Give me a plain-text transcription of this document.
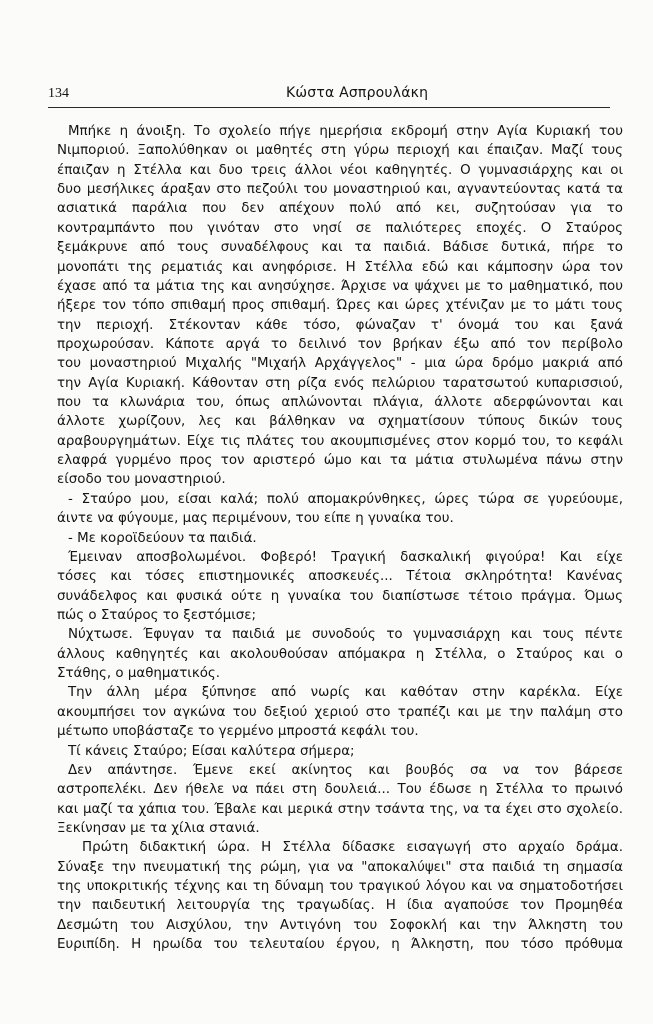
134	Κώστα Ασπρουλάκη
Μπήκε η άνοιξη. Το σχολείο πήγε ημερήσια εκδρομή στην Αγία Κυριακή του
Νιμποριού. Ξαπολύθηκαν οι μαθητές στη γύρω περιοχή και έπαιζαν. Μαζί τους
έπαιζαν η Στέλλα και δυο τρεις άλλοι νέοι καθηγητές. Ο γυμνασιάρχης και οι
δυο μεσήλικες άραξαν στο πεζούλι του μοναστηριού και, αγναντεύοντας κατά τα
ασιατικά παράλια που δεν απέχουν πολύ από κει, συζητούσαν για το
κοντραμπάντο που γινόταν στο νησί σε παλιότερες εποχές. Ο Σταύρος
ξεμάκρυνε από τους συναδέλφους και τα παιδιά. Βάδισε δυτικά, πήρε το
μονοπάτι της ρεματιάς και ανηφόρισε. Η Στέλλα εδώ και κάμποσην ώρα τον
έχασε από τα μάτια της και ανησύχησε. Άρχισε να ψάχνει με το μαθηματικό, που
ήξερε τον τόπο σπιθαμή προς σπιθαμή. Ώρες και ώρες χτένιζαν με το μάτι τους
την περιοχή. Στέκονταν κάθε τόσο, φώναζαν τ' όνομά του και ξανά
προχωρούσαν. Κάποτε αργά το δειλινό τον βρήκαν έξω από τον περίβολο
του μοναστηριού Μιχαλής "Μιχαήλ Αρχάγγελος" - μια ώρα δρόμο μακριά από
την Αγία Κυριακή. Κάθονταν στη ρίζα ενός πελώριου ταρατσωτού κυπαρισσιού,
που τα κλωνάρια του, όπως απλώνονται πλάγια, άλλοτε αδερφώνονται και
άλλοτε χωρίζουν, λες και βάλθηκαν να σχηματίσουν τύπους δικών τους
αραβουργημάτων. Είχε τις πλάτες του ακουμπισμένες στον κορμό του, το κεφάλι
ελαφρά γυρμένο προς τον αριστερό ώμο και τα μάτια στυλωμένα πάνω στην
είσοδο του μοναστηριού.
- Σταύρο μου, είσαι καλά; πολύ απομακρύνθηκες, ώρες τώρα σε γυρεύουμε,
άιντε να φύγουμε, μας περιμένουν, του είπε η γυναίκα του.
- Με κοροϊδεύουν τα παιδιά.
Έμειναν αποσβολωμένοι. Φοβερό! Τραγική δασκαλική φιγούρα! Και είχε
τόσες και τόσες επιστημονικές αποσκευές... Τέτοια σκληρότητα! Κανένας
συνάδελφος και φυσικά ούτε η γυναίκα του διαπίστωσε τέτοιο πράγμα. Όμως
πώς ο Σταύρος το ξεστόμισε;
Νύχτωσε. Έφυγαν τα παιδιά με συνοδούς το γυμνασιάρχη και τους πέντε
άλλους καθηγητές και ακολουθούσαν απόμακρα η Στέλλα, ο Σταύρος και ο
Στάθης, ο μαθηματικός.
Την άλλη μέρα ξύπνησε από νωρίς και καθόταν στην καρέκλα. Είχε
ακουμπήσει τον αγκώνα του δεξιού χεριού στο τραπέζι και με την παλάμη στο
μέτωπο υποβάσταζε το γερμένο μπροστά κεφάλι του.
Τί κάνεις Σταύρο; Είσαι καλύτερα σήμερα;
Δεν απάντησε. Έμενε εκεί ακίνητος και βουβός σα να τον βάρεσε
αστροπελέκι. Δεν ήθελε να πάει στη δουλειά... Του έδωσε η Στέλλα το πρωινό
και μαζί τα χάπια του. Έβαλε και μερικά στην τσάντα της, να τα έχει στο σχολείο.
Ξεκίνησαν με τα χίλια στανιά.
Πρώτη διδακτική ώρα. Η Στέλλα δίδασκε εισαγωγή στο αρχαίο δράμα.
Σύναξε την πνευματική της ρώμη, για να "αποκαλύψει" στα παιδιά τη σημασία
της υποκριτικής τέχνης και τη δύναμη του τραγικού λόγου και να σηματοδοτήσει
την παιδευτική λειτουργία της τραγωδίας. Η ίδια αγαπούσε τον Προμηθέα
Δεσμώτη του Αισχύλου, την Αντιγόνη του Σοφοκλή και την Άλκηστη του
Ευριπίδη. Η ηρωίδα του τελευταίου έργου, η Άλκηστη, που τόσο πρόθυμα
